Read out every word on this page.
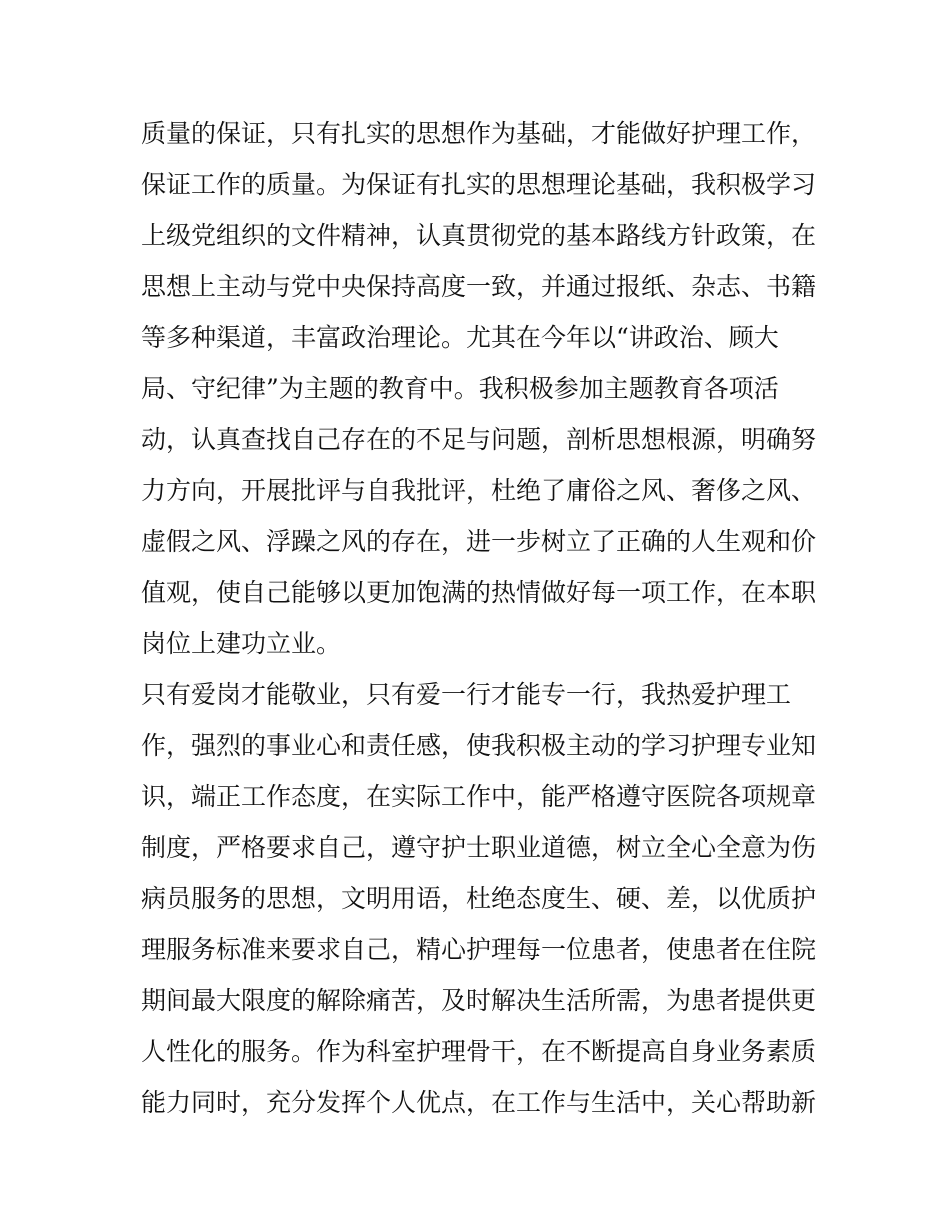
质量的保证，只有扎实的思想作为基础，才能做好护理工作，
保证工作的质量。为保证有扎实的思想理论基础，我积极学习
上级党组织的文件精神，认真贯彻党的基本路线方针政策，在
思想上主动与党中央保持高度一致，并通过报纸、杂志、书籍
等多种渠道，丰富政治理论。尤其在今年以“讲政治、顾大
局、守纪律”为主题的教育中。我积极参加主题教育各项活
动，认真查找自己存在的不足与问题，剖析思想根源，明确努
力方向，开展批评与自我批评，杜绝了庸俗之风、奢侈之风、
虚假之风、浮躁之风的存在，进一步树立了正确的人生观和价
值观，使自己能够以更加饱满的热情做好每一项工作，在本职
岗位上建功立业。
只有爱岗才能敬业，只有爱一行才能专一行，我热爱护理工
作，强烈的事业心和责任感，使我积极主动的学习护理专业知
识，端正工作态度，在实际工作中，能严格遵守医院各项规章
制度，严格要求自己，遵守护士职业道德，树立全心全意为伤
病员服务的思想，文明用语，杜绝态度生、硬、差，以优质护
理服务标准来要求自己，精心护理每一位患者，使患者在住院
期间最大限度的解除痛苦，及时解决生活所需，为患者提供更
人性化的服务。作为科室护理骨干，在不断提高自身业务素质
能力同时，充分发挥个人优点，在工作与生活中，关心帮助新
